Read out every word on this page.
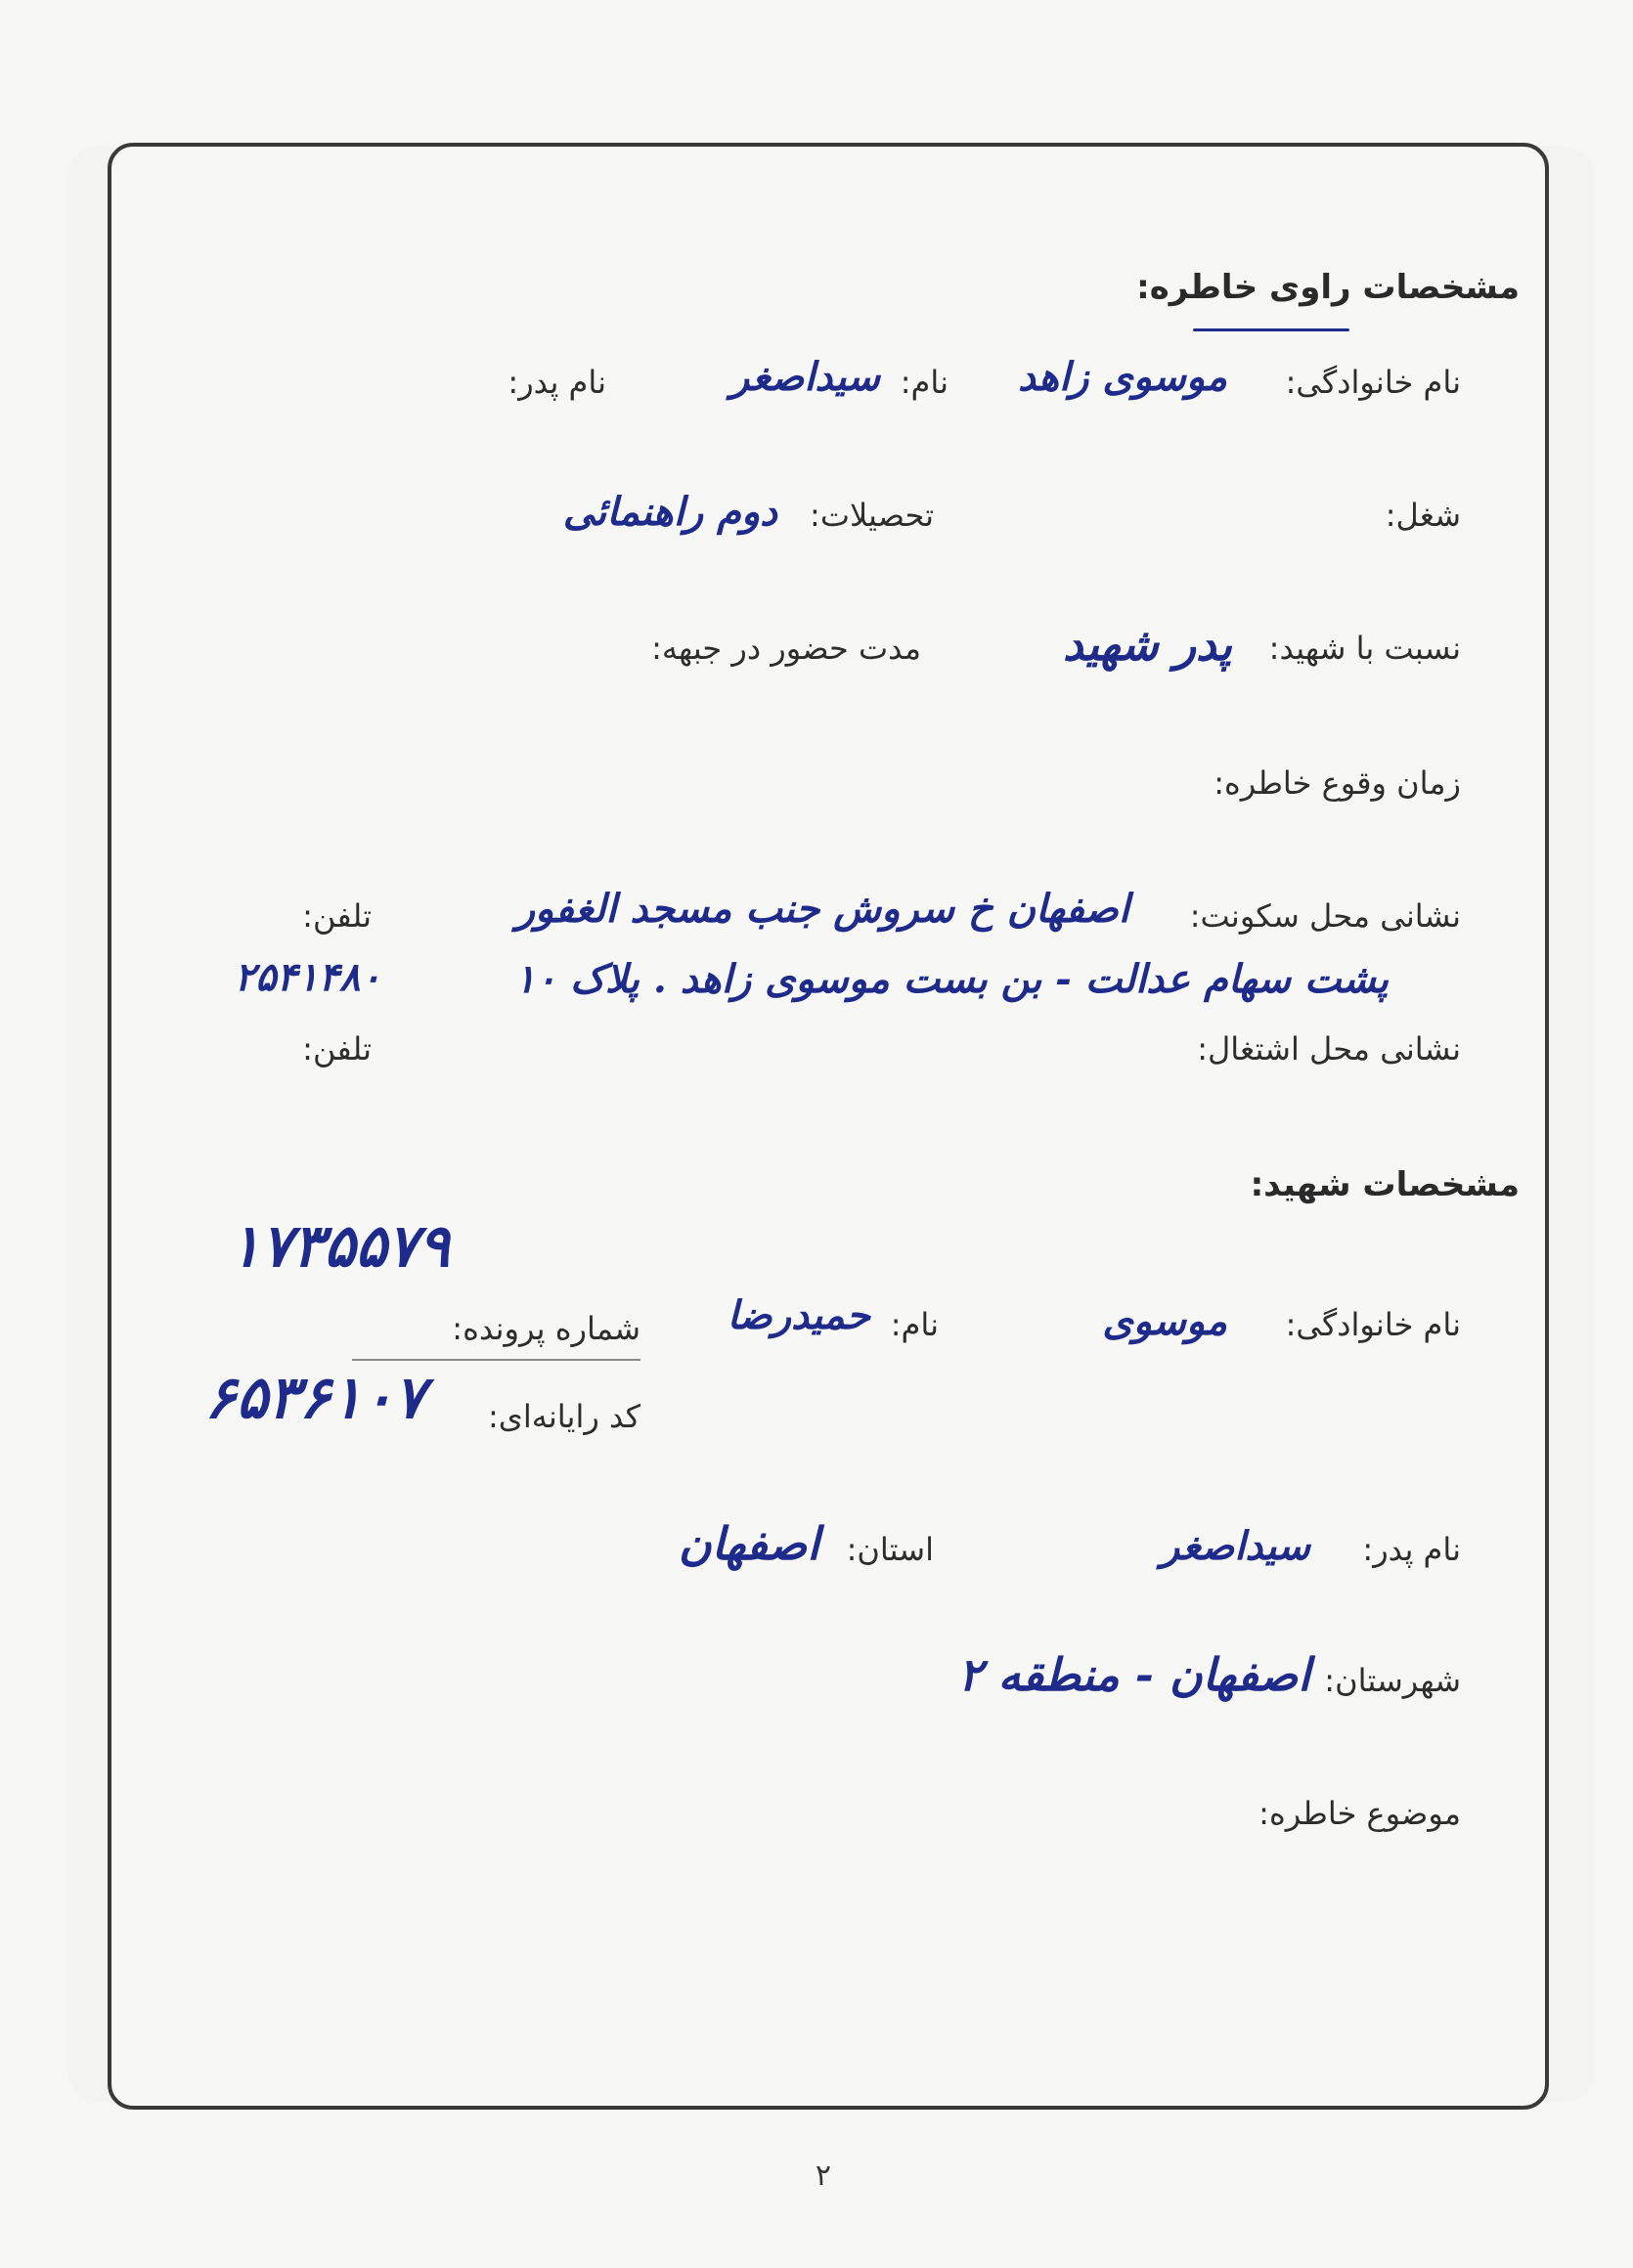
مشخصات راوی خاطره:
نام خانوادگی:
موسوی زاهد
نام:
سیداصغر
نام پدر:
شغل:
تحصیلات:
دوم راهنمائی
نسبت با شهید:
پدر شهید
مدت حضور در جبهه:
زمان وقوع خاطره:
نشانی محل سکونت:
اصفهان خ سروش جنب مسجد الغفور
تلفن:
پشت سهام عدالت - بن بست موسوی زاهد . پلاک ۱۰
۲۵۴۱۴۸۰
نشانی محل اشتغال:
تلفن:
مشخصات شهید:
۱۷۳۵۵۷۹
نام خانوادگی:
موسوی
نام:
حمیدرضا
شماره پرونده:
کد رایانه‌ای:
۶۵۳۶۱۰۷
نام پدر:
سیداصغر
استان:
اصفهان
شهرستان:
اصفهان - منطقه ۲
موضوع خاطره:
۲
